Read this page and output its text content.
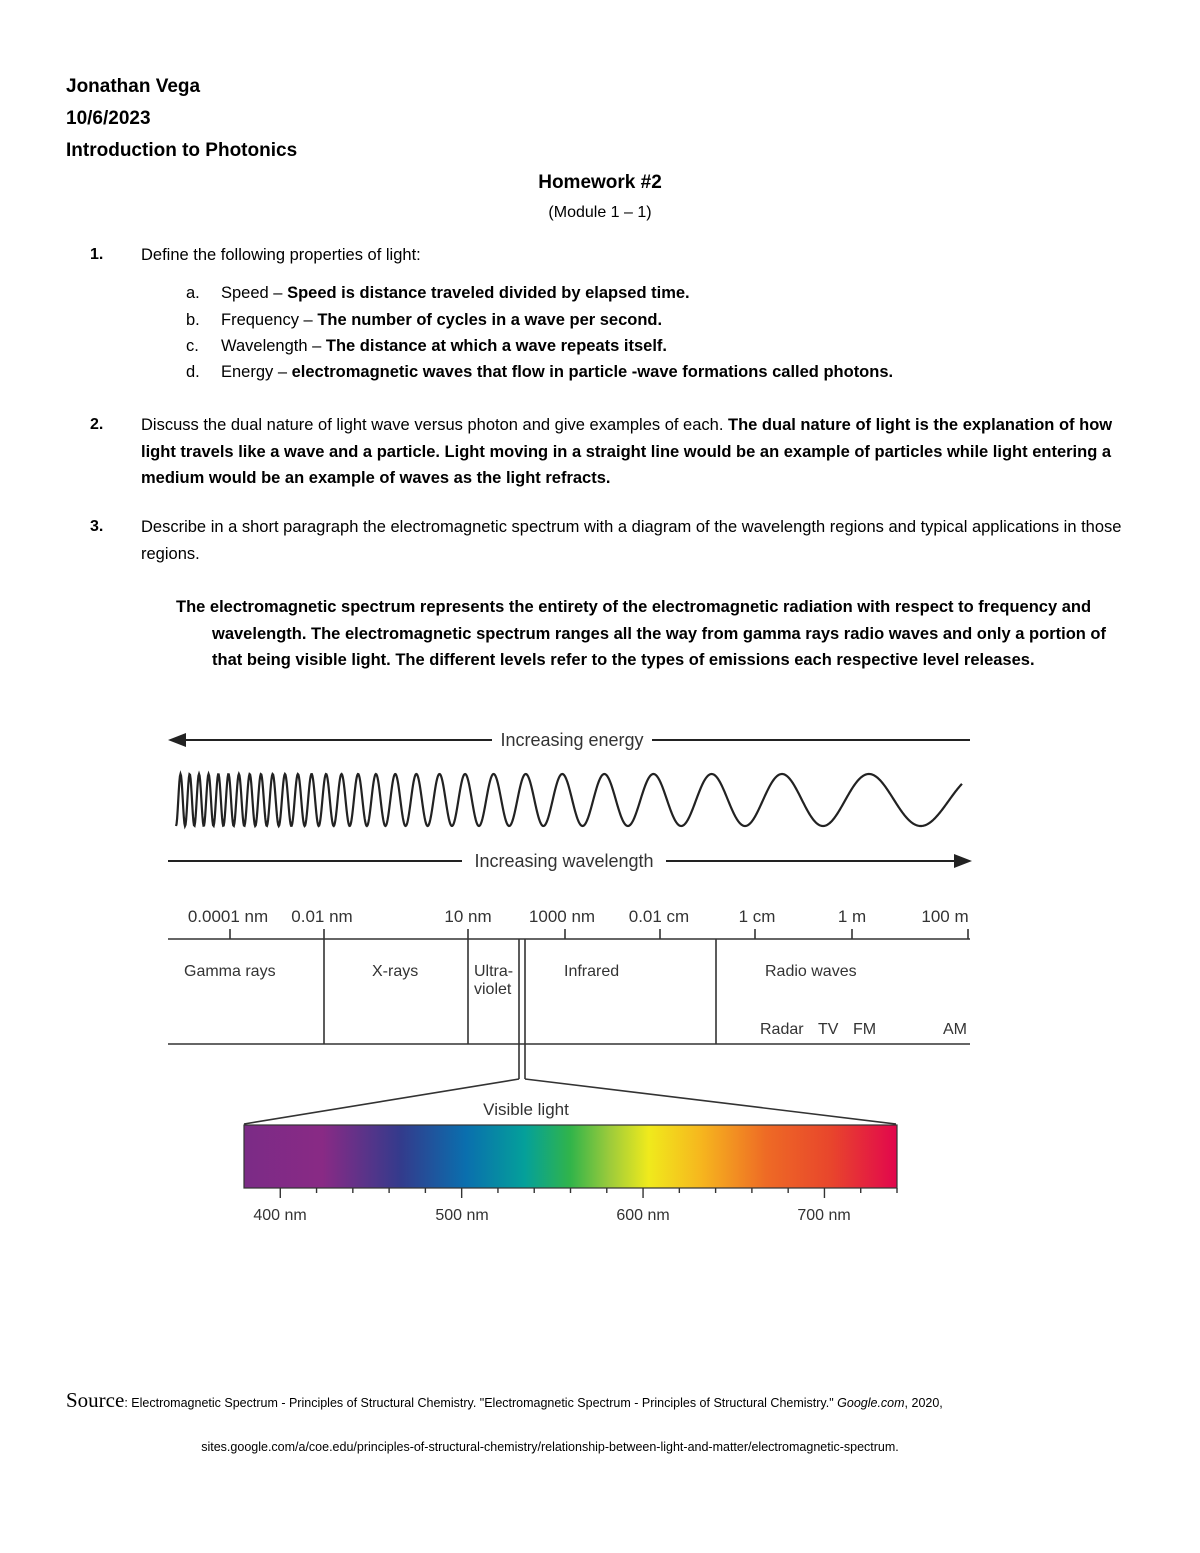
Jonathan Vega
10/6/2023
Introduction to Photonics
Homework #2
(Module 1 – 1)
1. Define the following properties of light:
a. Speed – Speed is distance traveled divided by elapsed time.
b. Frequency – The number of cycles in a wave per second.
c. Wavelength – The distance at which a wave repeats itself.
d. Energy – electromagnetic waves that flow in particle -wave formations called photons.
2. Discuss the dual nature of light wave versus photon and give examples of each. The dual nature of light is the explanation of how light travels like a wave and a particle. Light moving in a straight line would be an example of particles while light entering a medium would be an example of waves as the light refracts.
3. Describe in a short paragraph the electromagnetic spectrum with a diagram of the wavelength regions and typical applications in those regions.
The electromagnetic spectrum represents the entirety of the electromagnetic radiation with respect to frequency and wavelength. The electromagnetic spectrum ranges all the way from gamma rays radio waves and only a portion of that being visible light. The different levels refer to the types of emissions each respective level releases.
Increasing energy
Increasing wavelength
0.0001 nm 0.01 nm	10 nm 1000 nm 0.01 cm	1 cm	1 m	100 m
Gamma rays	X-rays	Ultra-
violet
Infrared	Radio waves
Radar TV FM	AM
Visible light
400 nm	500 nm	600 nm	700 nm
Source: Electromagnetic Spectrum - Principles of Structural Chemistry. "Electromagnetic Spectrum - Principles of Structural Chemistry." Google.com, 2020,
sites.google.com/a/coe.edu/principles-of-structural-chemistry/relationship-between-light-and-matter/electromagnetic-spectrum.
